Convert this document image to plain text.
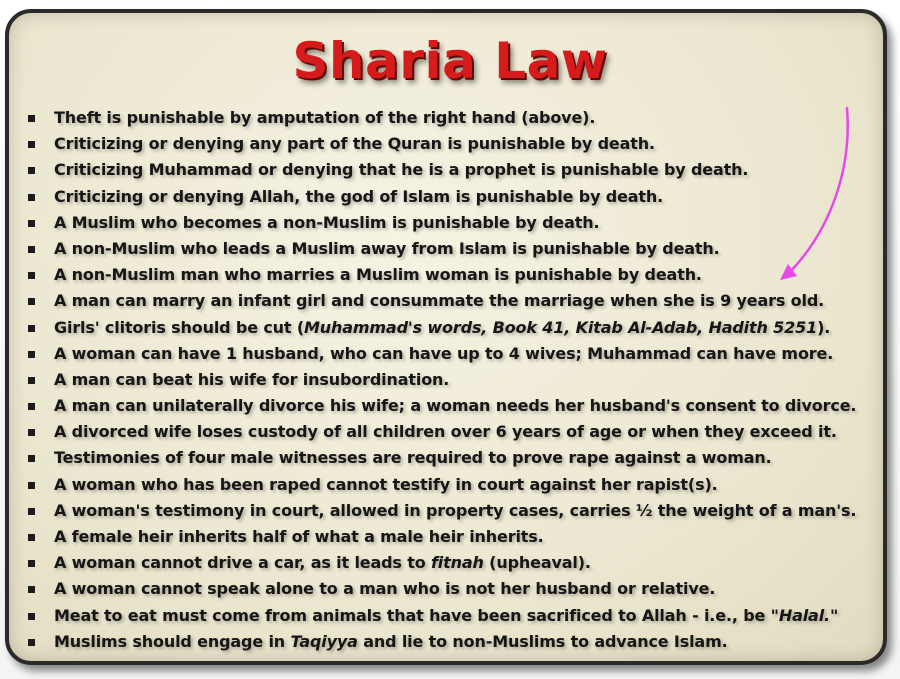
Sharia Law
Theft is punishable by amputation of the right hand (above).
Criticizing or denying any part of the Quran is punishable by death.
Criticizing Muhammad or denying that he is a prophet is punishable by death.
Criticizing or denying Allah, the god of Islam is punishable by death.
A Muslim who becomes a non-Muslim is punishable by death.
A non-Muslim who leads a Muslim away from Islam is punishable by death.
A non-Muslim man who marries a Muslim woman is punishable by death.
A man can marry an infant girl and consummate the marriage when she is 9 years old.
Girls' clitoris should be cut (Muhammad's words, Book 41, Kitab Al-Adab, Hadith 5251).
A woman can have 1 husband, who can have up to 4 wives; Muhammad can have more.
A man can beat his wife for insubordination.
A man can unilaterally divorce his wife; a woman needs her husband's consent to divorce.
A divorced wife loses custody of all children over 6 years of age or when they exceed it.
Testimonies of four male witnesses are required to prove rape against a woman.
A woman who has been raped cannot testify in court against her rapist(s).
A woman's testimony in court, allowed in property cases, carries ½ the weight of a man's.
A female heir inherits half of what a male heir inherits.
A woman cannot drive a car, as it leads to fitnah (upheaval).
A woman cannot speak alone to a man who is not her husband or relative.
Meat to eat must come from animals that have been sacrificed to Allah - i.e., be "Halal."
Muslims should engage in Taqiyya and lie to non-Muslims to advance Islam.
